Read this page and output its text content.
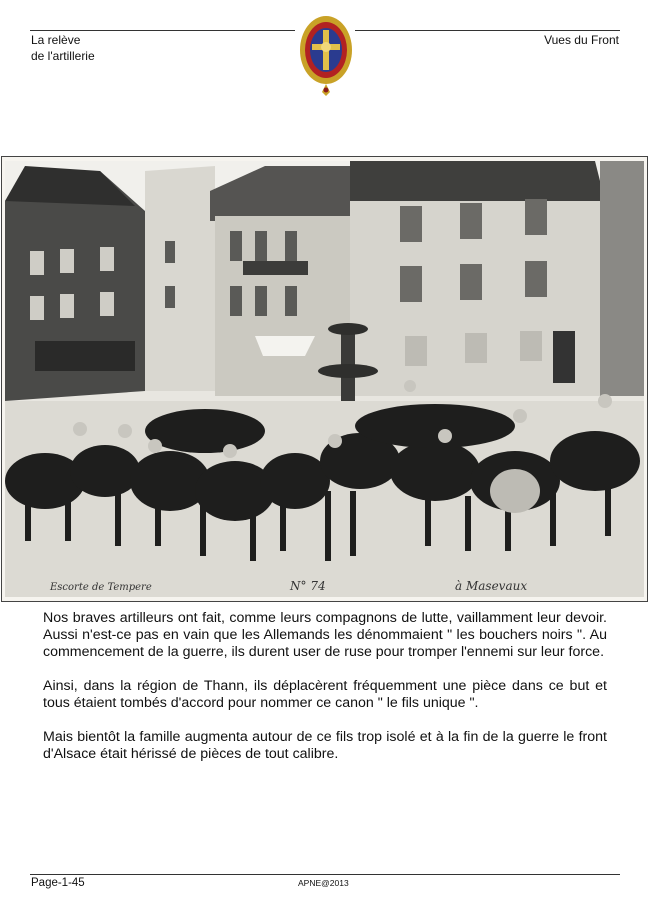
La relève
de l'artillerie
Vues du Front
Escorte de Tempere	N° 74	à Masevaux

Nos braves artilleurs ont fait, comme leurs compagnons de lutte, vaillamment leur devoir. Aussi n'est-ce pas en vain que les Allemands les dénommaient " les bouchers noirs ". Au commencement de la guerre, ils durent user de ruse pour tromper l'ennemi sur leur force.

Ainsi, dans la région de Thann, ils déplacèrent fréquemment une pièce dans ce but et tous étaient tombés d'accord pour nommer ce canon " le fils unique ".

Mais bientôt la famille augmenta autour de ce fils trop isolé et à la fin de la guerre le front d'Alsace était hérissé de pièces de tout calibre.

Page-1-45	APNE@2013
